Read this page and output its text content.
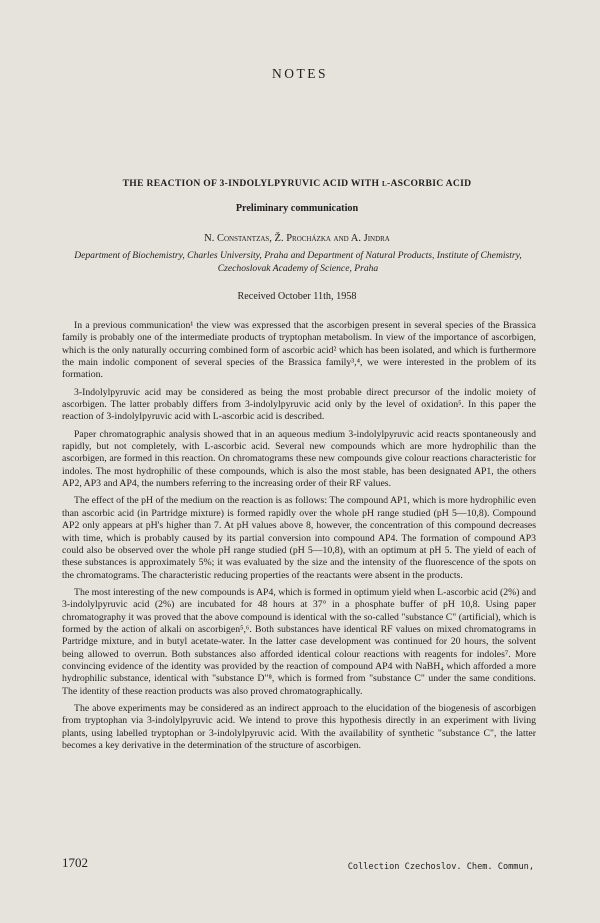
NOTES
THE REACTION OF 3-INDOLYLPYRUVIC ACID WITH l-ASCORBIC ACID
Preliminary communication
N. Constantzas, Ž. Procházka and A. Jindra
Department of Biochemistry, Charles University, Praha and Department of Natural Products, Institute of Chemistry, Czechoslovak Academy of Science, Praha
Received October 11th, 1958

In a previous communication¹ the view was expressed that the ascorbigen present in several species of the Brassica family is probably one of the intermediate products of tryptophan metabolism. In view of the importance of ascorbigen, which is the only naturally occurring combined form of ascorbic acid² which has been isolated, and which is furthermore the main indolic component of several species of the Brassica family³,⁴, we were interested in the problem of its formation.

3-Indolylpyruvic acid may be considered as being the most probable direct precursor of the indolic moiety of ascorbigen. The latter probably differs from 3-indolylpyruvic acid only by the level of oxidation⁵. In this paper the reaction of 3-indolylpyruvic acid with L-ascorbic acid is described.

Paper chromatographic analysis showed that in an aqueous medium 3-indolylpyruvic acid reacts spontaneously and rapidly, but not completely, with L-ascorbic acid. Several new compounds which are more hydrophilic than the ascorbigen, are formed in this reaction. On chromatograms these new compounds give colour reactions characteristic for indoles. The most hydrophilic of these compounds, which is also the most stable, has been designated AP1, the others AP2, AP3 and AP4, the numbers referring to the increasing order of their RF values.

The effect of the pH of the medium on the reaction is as follows: The compound AP1, which is more hydrophilic even than ascorbic acid (in Partridge mixture) is formed rapidly over the whole pH range studied (pH 5—10,8). Compound AP2 only appears at pH's higher than 7. At pH values above 8, however, the concentration of this compound decreases with time, which is probably caused by its partial conversion into compound AP4. The formation of compound AP3 could also be observed over the whole pH range studied (pH 5—10,8), with an optimum at pH 5. The yield of each of these substances is approximately 5%; it was evaluated by the size and the intensity of the fluorescence of the spots on the chromatograms. The characteristic reducing properties of the reactants were absent in the products.

The most interesting of the new compounds is AP4, which is formed in optimum yield when L-ascorbic acid (2%) and 3-indolylpyruvic acid (2%) are incubated for 48 hours at 37° in a phosphate buffer of pH 10,8. Using paper chromatography it was proved that the above compound is identical with the so-called "substance C" (artificial), which is formed by the action of alkali on ascorbigen⁵,⁶. Both substances have identical RF values on mixed chromatograms in Partridge mixture, and in butyl acetate-water. In the latter case development was continued for 20 hours, the solvent being allowed to overrun. Both substances also afforded identical colour reactions with reagents for indoles⁷. More convincing evidence of the identity was provided by the reaction of compound AP4 with NaBH₄ which afforded a more hydrophilic substance, identical with "substance D"⁸, which is formed from "substance C" under the same conditions. The identity of these reaction products was also proved chromatographically.

The above experiments may be considered as an indirect approach to the elucidation of the biogenesis of ascorbigen from tryptophan via 3-indolylpyruvic acid. We intend to prove this hypothesis directly in an experiment with living plants, using labelled tryptophan or 3-indolylpyruvic acid. With the availability of synthetic "substance C", the latter becomes a key derivative in the determination of the structure of ascorbigen.

1702	Collection Czechoslov. Chem. Commun,
